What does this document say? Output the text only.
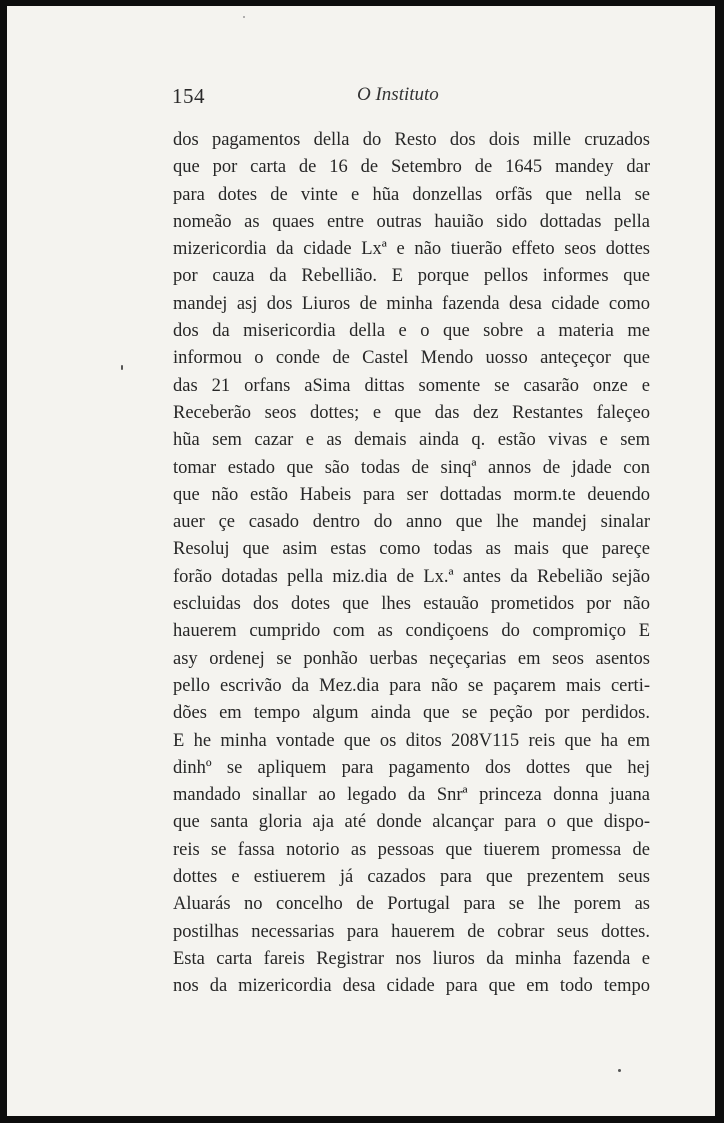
154	O Instituto
dos pagamentos della do Resto dos dois mille cruzados
que por carta de 16 de Setembro de 1645 mandey dar
para dotes de vinte e hũa donzellas orfãs que nella se
nomeão as quaes entre outras hauião sido dottadas pella
mizericordia da cidade Lxª e não tiuerão effeto seos dottes
por cauza da Rebellião. E porque pellos informes que
mandej asj dos Liuros de minha fazenda desa cidade como
dos da misericordia della e o que sobre a materia me
informou o conde de Castel Mendo uosso anteçeçor que
das 21 orfans aSima dittas somente se casarão onze e
Receberão seos dottes; e que das dez Restantes faleçeo
hũa sem cazar e as demais ainda q. estão vivas e sem
tomar estado que são todas de sinqª annos de jdade con
que não estão Habeis para ser dottadas morm.te deuendo
auer çe casado dentro do anno que lhe mandej sinalar
Resoluj que asim estas como todas as mais que pareçe
forão dotadas pella miz.dia de Lx.ª antes da Rebelião sejão
escluidas dos dotes que lhes estauão prometidos por não
hauerem cumprido com as condiçoens do compromiço E
asy ordenej se ponhão uerbas neçeçarias em seos asentos
pello escrivão da Mez.dia para não se paçarem mais certi-
dões em tempo algum ainda que se peção por perdidos.
E he minha vontade que os ditos 208V115 reis que ha em
dinhº se apliquem para pagamento dos dottes que hej
mandado sinallar ao legado da Snrª princeza donna juana
que santa gloria aja até donde alcançar para o que dispo-
reis se fassa notorio as pessoas que tiuerem promessa de
dottes e estiuerem já cazados para que prezentem seus
Aluarás no concelho de Portugal para se lhe porem as
postilhas necessarias para hauerem de cobrar seus dottes.
Esta carta fareis Registrar nos liuros da minha fazenda e
nos da mizericordia desa cidade para que em todo tempo
